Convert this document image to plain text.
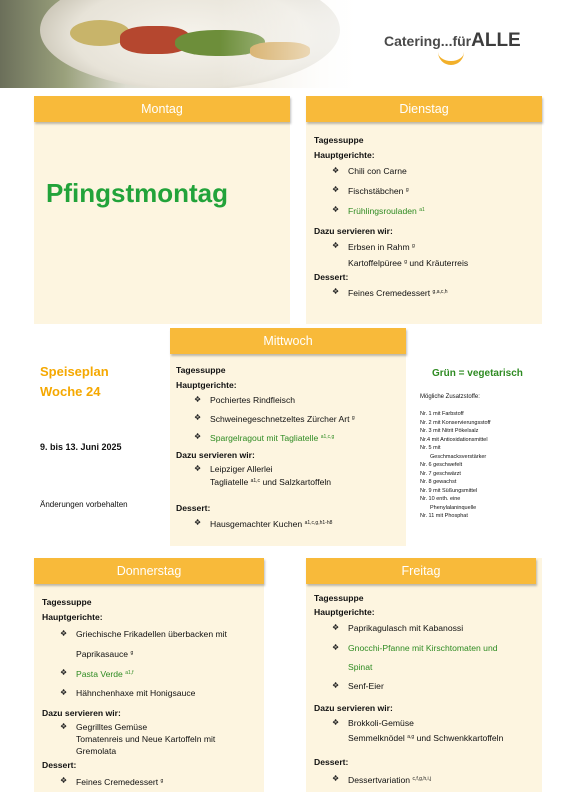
Catering...fürALLE
Montag
Pfingstmontag
Dienstag
Tagessuppe
Hauptgerichte:
❖ Chili con Carne
❖ Fischstäbchen $^g$
❖ Frühlingsrouladen $^{a1}$
Dazu servieren wir:
❖ Erbsen in Rahm $^g$
Kartoffelpüree $^g$ und Kräuterreis
Dessert:
❖ Feines Cremedessert $^{g,a,c,h}$
Mittwoch
Tagessuppe
Hauptgerichte:
❖ Pochiertes Rindfleisch
❖ Schweinegeschnetzeltes Zürcher Art $^g$
❖ Spargelragout mit Tagliatelle $^{a1,c,g}$
Dazu servieren wir:
❖ Leipziger Allerlei
Tagliatelle $^{a1,c}$ und Salzkartoffeln
Dessert:
❖ Hausgemachter Kuchen $^{a1,c,g,h1-h8}$
Speiseplan
Woche 24
9. bis 13. Juni 2025
Änderungen vorbehalten
Grün = vegetarisch
Mögliche Zusatzstoffe:
Nr. 1 mit Farbstoff
Nr. 2 mit Konservierungsstoff
Nr. 3 mit Nitrit Pökelsalz
Nr.4 mit Antioxidationsmittel
Nr. 5 mit
Geschmacksverstärker
Nr. 6 geschwefelt
Nr. 7 geschwärzt
Nr. 8 gewachst
Nr. 9 mit Süßungsmittel
Nr. 10 enth. eine
Phenylalaninquelle
Nr. 11 mit Phosphat
Donnerstag
Tagessuppe
Hauptgerichte:
❖ Griechische Frikadellen überbacken mit
Paprikasauce $^g$
❖ Pasta Verde $^{a1,f}$
❖ Hähnchenhaxe mit Honigsauce
Dazu servieren wir:
❖ Gegrilltes Gemüse
Tomatenreis und Neue Kartoffeln mit
Gremolata
Dessert:
❖ Feines Cremedessert $^g$
Freitag
Tagessuppe
Hauptgerichte:
❖ Paprikagulasch mit Kabanossi
❖ Gnocchi-Pfanne mit Kirschtomaten und
Spinat
❖ Senf-Eier
Dazu servieren wir:
❖ Brokkoli-Gemüse
Semmelknödel $^{a,g}$ und Schwenkkartoffeln
Dessert:
❖ Dessertvariation $^{c,f,g,h,i,j}$
